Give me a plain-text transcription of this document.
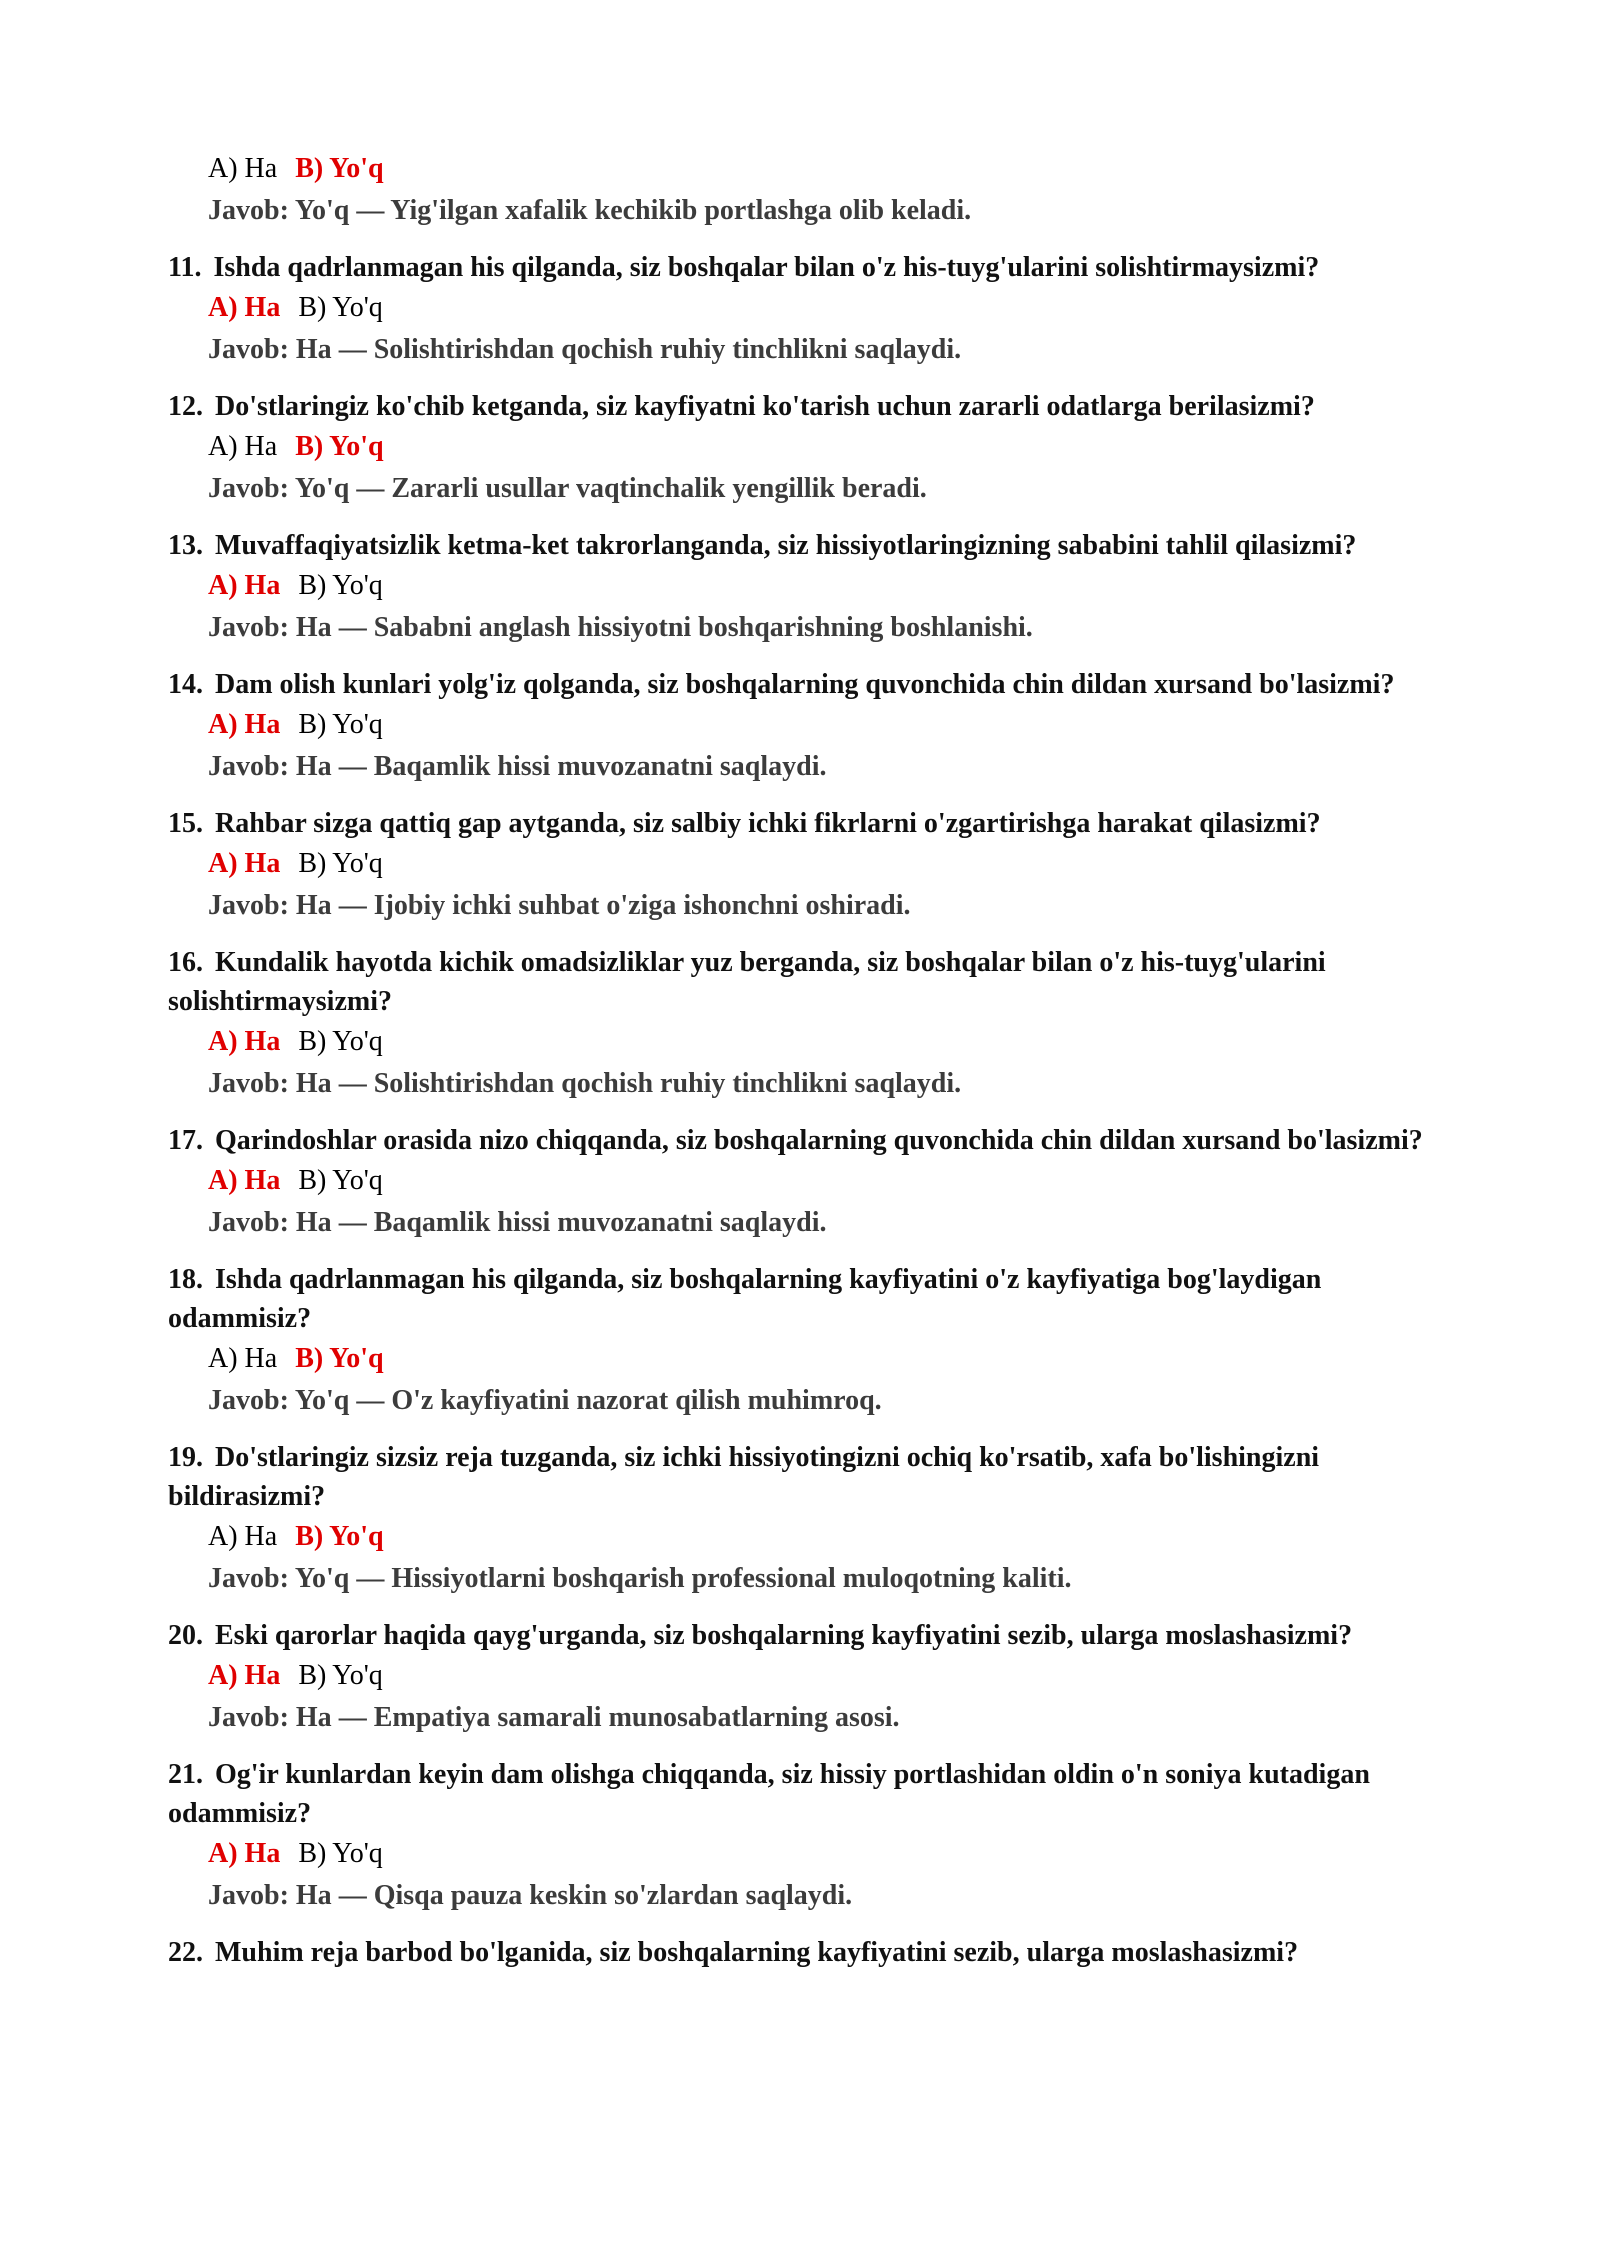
A) Ha B) Yo'q
Javob: Yo'q — Yig'ilgan xafalik kechikib portlashga olib keladi.

11. Ishda qadrlanmagan his qilganda, siz boshqalar bilan o'z his-tuyg'ularini solishtirmaysizmi?

A) Ha B) Yo'q
Javob: Ha — Solishtirishdan qochish ruhiy tinchlikni saqlaydi.

12. Do'stlaringiz ko'chib ketganda, siz kayfiyatni ko'tarish uchun zararli odatlarga berilasizmi?

A) Ha B) Yo'q
Javob: Yo'q — Zararli usullar vaqtinchalik yengillik beradi.

13. Muvaffaqiyatsizlik ketma-ket takrorlanganda, siz hissiyotlaringizning sababini tahlil qilasizmi?

A) Ha B) Yo'q
Javob: Ha — Sababni anglash hissiyotni boshqarishning boshlanishi.

14. Dam olish kunlari yolg'iz qolganda, siz boshqalarning quvonchida chin dildan xursand bo'lasizmi?

A) Ha B) Yo'q
Javob: Ha — Baqamlik hissi muvozanatni saqlaydi.

15. Rahbar sizga qattiq gap aytganda, siz salbiy ichki fikrlarni o'zgartirishga harakat qilasizmi?

A) Ha B) Yo'q
Javob: Ha — Ijobiy ichki suhbat o'ziga ishonchni oshiradi.

16. Kundalik hayotda kichik omadsizliklar yuz berganda, siz boshqalar bilan o'z his-tuyg'ularini solishtirmaysizmi?

A) Ha B) Yo'q
Javob: Ha — Solishtirishdan qochish ruhiy tinchlikni saqlaydi.

17. Qarindoshlar orasida nizo chiqqanda, siz boshqalarning quvonchida chin dildan xursand bo'lasizmi?

A) Ha B) Yo'q
Javob: Ha — Baqamlik hissi muvozanatni saqlaydi.

18. Ishda qadrlanmagan his qilganda, siz boshqalarning kayfiyatini o'z kayfiyatiga bog'laydigan odammisiz?

A) Ha B) Yo'q
Javob: Yo'q — O'z kayfiyatini nazorat qilish muhimroq.

19. Do'stlaringiz sizsiz reja tuzganda, siz ichki hissiyotingizni ochiq ko'rsatib, xafa bo'lishingizni bildirasizmi?

A) Ha B) Yo'q
Javob: Yo'q — Hissiyotlarni boshqarish professional muloqotning kaliti.

20. Eski qarorlar haqida qayg'urganda, siz boshqalarning kayfiyatini sezib, ularga moslashasizmi?

A) Ha B) Yo'q
Javob: Ha — Empatiya samarali munosabatlarning asosi.

21. Og'ir kunlardan keyin dam olishga chiqqanda, siz hissiy portlashidan oldin o'n soniya kutadigan odammisiz?

A) Ha B) Yo'q
Javob: Ha — Qisqa pauza keskin so'zlardan saqlaydi.

22. Muhim reja barbod bo'lganida, siz boshqalarning kayfiyatini sezib, ularga moslashasizmi?
